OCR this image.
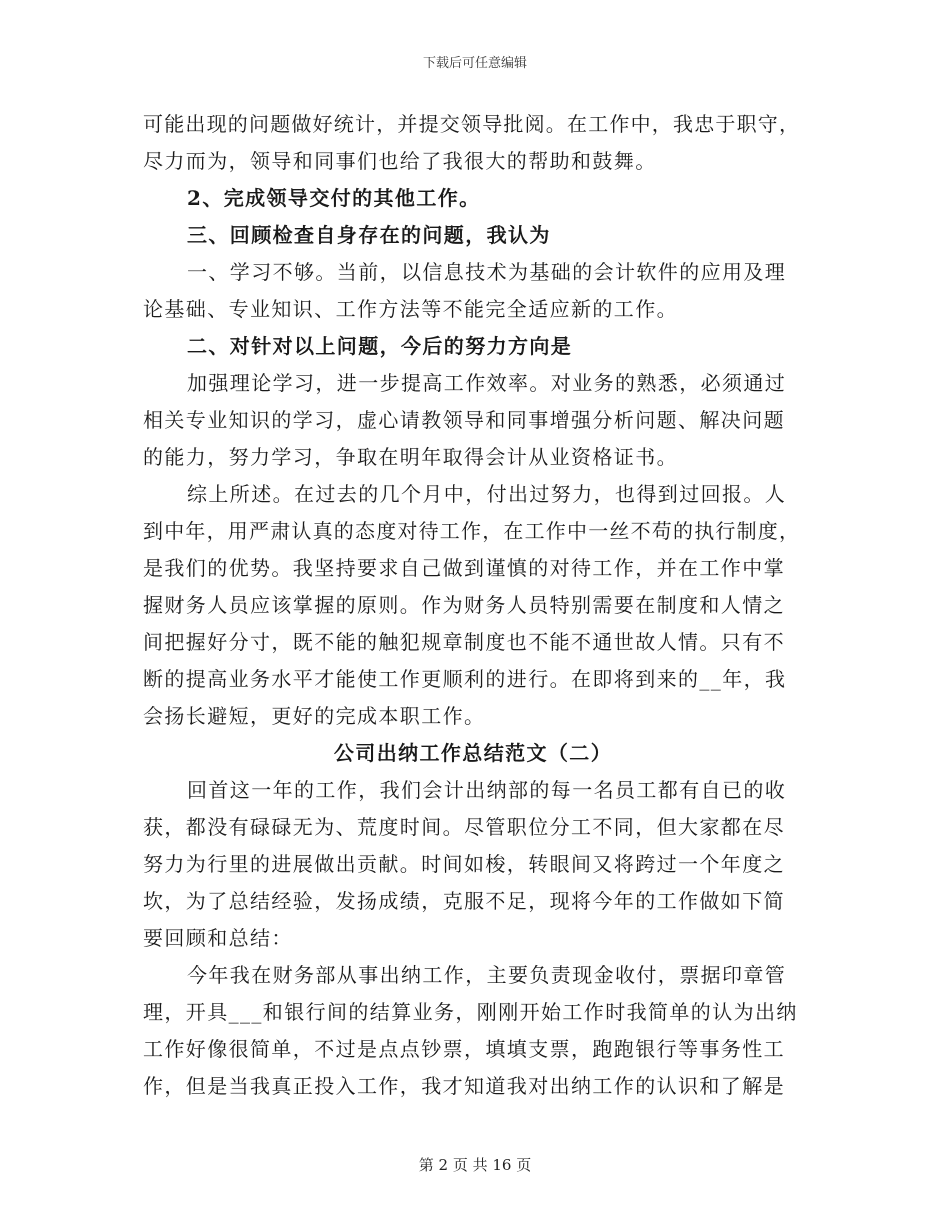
下载后可任意编辑
可能出现的问题做好统计，并提交领导批阅。在工作中，我忠于职守，
尽力而为，领导和同事们也给了我很大的帮助和鼓舞。
2、完成领导交付的其他工作。
三、回顾检查自身存在的问题，我认为
一、学习不够。当前，以信息技术为基础的会计软件的应用及理
论基础、专业知识、工作方法等不能完全适应新的工作。
二、对针对以上问题，今后的努力方向是
加强理论学习，进一步提高工作效率。对业务的熟悉，必须通过
相关专业知识的学习，虚心请教领导和同事增强分析问题、解决问题
的能力，努力学习，争取在明年取得会计从业资格证书。
综上所述。在过去的几个月中，付出过努力，也得到过回报。人
到中年，用严肃认真的态度对待工作，在工作中一丝不苟的执行制度，
是我们的优势。我坚持要求自己做到谨慎的对待工作，并在工作中掌
握财务人员应该掌握的原则。作为财务人员特别需要在制度和人情之
间把握好分寸，既不能的触犯规章制度也不能不通世故人情。只有不
断的提高业务水平才能使工作更顺利的进行。在即将到来的__年，我
会扬长避短，更好的完成本职工作。
公司出纳工作总结范文（二）
回首这一年的工作，我们会计出纳部的每一名员工都有自已的收
获，都没有碌碌无为、荒度时间。尽管职位分工不同，但大家都在尽
努力为行里的进展做出贡献。时间如梭，转眼间又将跨过一个年度之
坎，为了总结经验，发扬成绩，克服不足，现将今年的工作做如下简
要回顾和总结：
今年我在财务部从事出纳工作，主要负责现金收付，票据印章管
理，开具___和银行间的结算业务，刚刚开始工作时我简单的认为出纳
工作好像很简单，不过是点点钞票，填填支票，跑跑银行等事务性工
作，但是当我真正投入工作，我才知道我对出纳工作的认识和了解是
第 2 页 共 16 页
